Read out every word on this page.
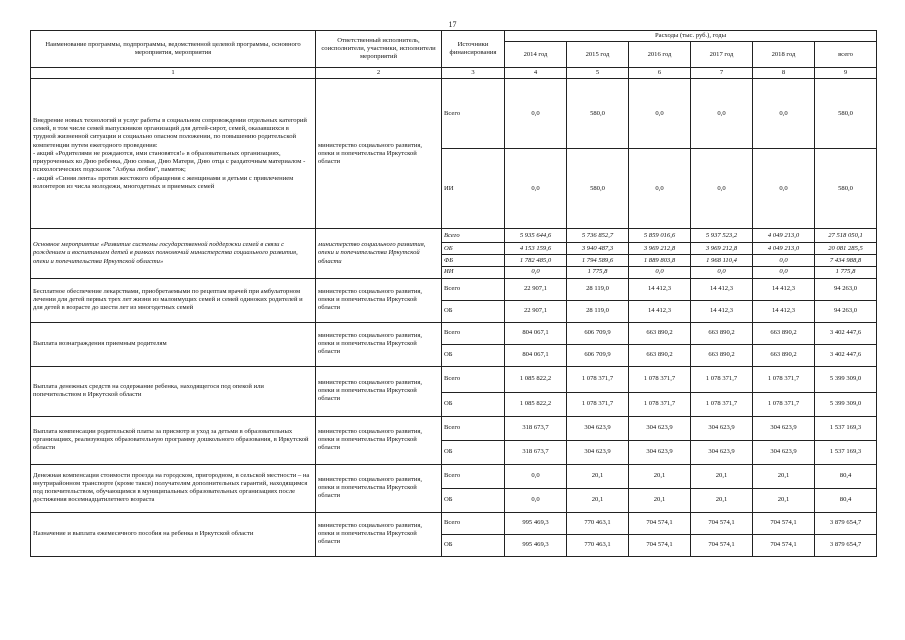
17
Наименование программы, подпрограммы, ведомственной целевой программы, основного мероприятия, мероприятия	Ответственный исполнитель, соисполнители, участники, исполнители мероприятий	Источники финансирования	Расходы (тыс. руб.), годы					
			2014 год	2015 год	2016 год	2017 год	2018 год	всего
1	2	3	4	5	6	7	8	9

Внедрение новых технологий и услуг работы в социальном сопровождении отдельных категорий семей, в том числе семей выпускников организаций для детей-сирот, семей, оказавшихся в трудной жизненной ситуации и социально опасном положении, по повышению родительской компетенции путем ежегодного проведения:
- акций «Родителями не рождаются, ими становятся!» в образовательных организациях, приуроченных ко Дню ребенка, Дню семьи, Дню Матери, Дню отца с раздаточным материалом - психологических подсказок "Азбука любви", памяток;
- акций «Синяя лента» против жестокого обращения с женщинами и детьми с привлечением волонтеров из числа молодежи, многодетных и приемных семей	министерство социального развития, опеки и попечительства Иркутской области	Всего	0,0	580,0	0,0	0,0	0,0	580,0
		ИИ	0,0	580,0	0,0	0,0	0,0	580,0

Основное мероприятие «Развитие системы государственной поддержки семей в связи с рождением и воспитанием детей в рамках полномочий министерства социального развития, опеки и попечительства Иркутской области»	министерство социального развития, опеки и попечительства Иркутской области	Всего	5 935 644,6	5 736 852,7	5 859 016,6	5 937 523,2	4 049 213,0	27 518 050,1
		ОБ	4 153 159,6	3 940 487,3	3 969 212,8	3 969 212,8	4 049 213,0	20 081 285,5
		ФБ	1 782 485,0	1 794 589,6	1 889 803,8	1 968 110,4	0,0	7 434 988,8
		ИИ	0,0	1 775,8	0,0	0,0	0,0	1 775,8

Бесплатное обеспечение лекарствами, приобретаемыми по рецептам врачей при амбулаторном лечении для детей первых трех лет жизни из малоимущих семей и семей одиноких родителей и для детей в возрасте до шести лет из многодетных семей	министерство социального развития, опеки и попечительства Иркутской области	Всего	22 907,1	28 119,0	14 412,3	14 412,3	14 412,3	94 263,0
		ОБ	22 907,1	28 119,0	14 412,3	14 412,3	14 412,3	94 263,0

Выплата вознаграждения приемным родителям	министерство социального развития, опеки и попечительства Иркутской области	Всего	804 067,1	606 709,9	663 890,2	663 890,2	663 890,2	3 402 447,6
		ОБ	804 067,1	606 709,9	663 890,2	663 890,2	663 890,2	3 402 447,6

Выплата денежных средств на содержание ребенка, находящегося под опекой или попечительством в Иркутской области	министерство социального развития, опеки и попечительства Иркутской области	Всего	1 085 822,2	1 078 371,7	1 078 371,7	1 078 371,7	1 078 371,7	5 399 309,0
		ОБ	1 085 822,2	1 078 371,7	1 078 371,7	1 078 371,7	1 078 371,7	5 399 309,0

Выплата компенсации родительской платы за присмотр и уход за детьми в образовательных организациях, реализующих образовательную программу дошкольного образования, в Иркутской области	министерство социального развития, опеки и попечительства Иркутской области	Всего	318 673,7	304 623,9	304 623,9	304 623,9	304 623,9	1 537 169,3
		ОБ	318 673,7	304 623,9	304 623,9	304 623,9	304 623,9	1 537 169,3

Денежная компенсация стоимости проезда на городском, пригородном, в сельской местности – на внутрирайонном транспорте (кроме такси) получателям дополнительных гарантий, находящимся под попечительством, обучающимся в муниципальных образовательных организациях после достижения восемнадцатилетнего возраста	министерство социального развития, опеки и попечительства Иркутской области	Всего	0,0	20,1	20,1	20,1	20,1	80,4
		ОБ	0,0	20,1	20,1	20,1	20,1	80,4

Назначение и выплата ежемесячного пособия на ребенка в Иркутской области	министерство социального развития, опеки и попечительства Иркутской области	Всего	995 469,3	770 463,1	704 574,1	704 574,1	704 574,1	3 879 654,7
		ОБ	995 469,3	770 463,1	704 574,1	704 574,1	704 574,1	3 879 654,7
